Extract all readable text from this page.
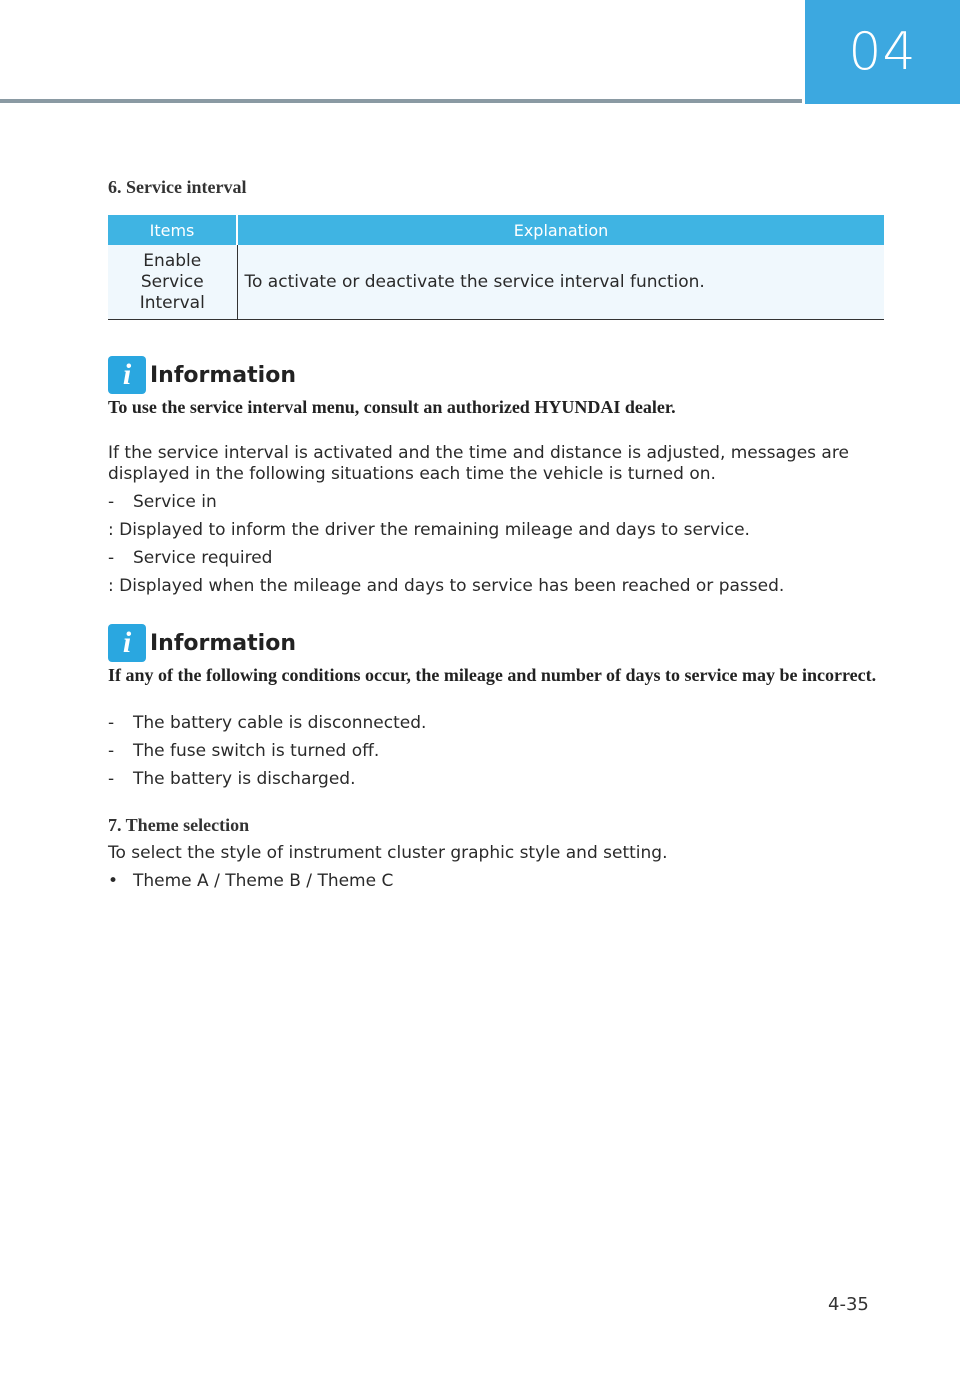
04
6. Service interval
Items	Explanation

Enable
Service
Interval	To activate or deactivate the service interval function.
i Information
To use the service interval menu, consult an authorized HYUNDAI dealer.
If the service interval is activated and the time and distance is adjusted, messages are displayed in the following situations each time the vehicle is turned on.
- Service in
: Displayed to inform the driver the remaining mileage and days to service.
- Service required
: Displayed when the mileage and days to service has been reached or passed.
i Information
If any of the following conditions occur, the mileage and number of days to service may be incorrect.
- The battery cable is disconnected.
- The fuse switch is turned off.
- The battery is discharged.
7. Theme selection
To select the style of instrument cluster graphic style and setting.
• Theme A / Theme B / Theme C
4-35
